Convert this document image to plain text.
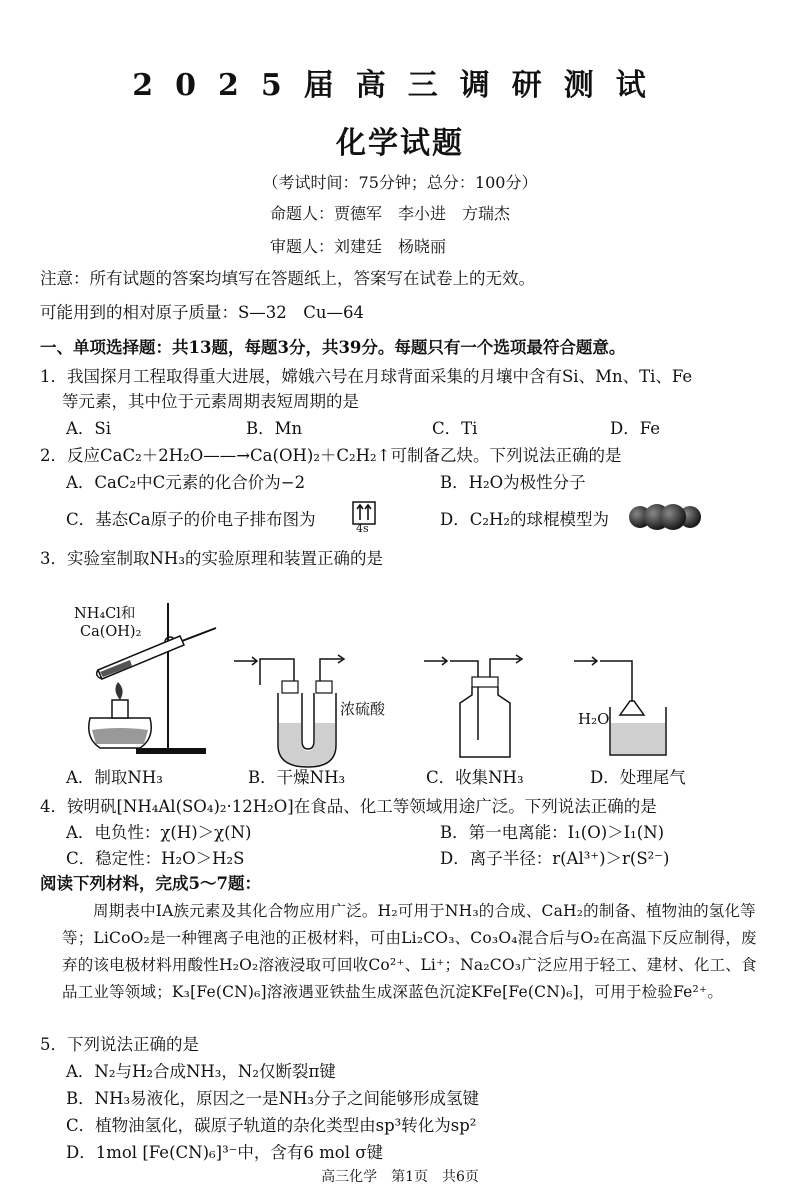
2025届高三调研测试
化学试题
（考试时间：75分钟；总分：100分）
命题人：贾德军　李小进　方瑞杰
审题人：刘建廷　杨晓丽
注意：所有试题的答案均填写在答题纸上，答案写在试卷上的无效。
可能用到的相对原子质量：S—32　Cu—64
一、单项选择题：共13题，每题3分，共39分。每题只有一个选项最符合题意。
1．我国探月工程取得重大进展，嫦娥六号在月球背面采集的月壤中含有Si、Mn、Ti、Fe
等元素，其中位于元素周期表短周期的是
A．Si	B．Mn	C．Ti	D．Fe
2．反应CaC₂＋2H₂O——→Ca(OH)₂＋C₂H₂↑可制备乙炔。下列说法正确的是
A．CaC₂中C元素的化合价为−2	B．H₂O为极性分子
C．基态Ca原子的价电子排布图为	4s	D．C₂H₂的球棍模型为
3．实验室制取NH₃的实验原理和装置正确的是
NH₄Cl和
Ca(OH)₂
浓硫酸
H₂O
A．制取NH₃	B．干燥NH₃	C．收集NH₃	D．处理尾气
4．铵明矾[NH₄Al(SO₄)₂·12H₂O]在食品、化工等领域用途广泛。下列说法正确的是
A．电负性：χ(H)＞χ(N)	B．第一电离能：I₁(O)＞I₁(N)
C．稳定性：H₂O＞H₂S	D．离子半径：r(Al³⁺)＞r(S²⁻)
阅读下列材料，完成5～7题：
周期表中ⅠA族元素及其化合物应用广泛。H₂可用于NH₃的合成、CaH₂的制备、植物油的氢化等等；LiCoO₂是一种锂离子电池的正极材料，可由Li₂CO₃、Co₃O₄混合后与O₂在高温下反应制得，废弃的该电极材料用酸性H₂O₂溶液浸取可回收Co²⁺、Li⁺；Na₂CO₃广泛应用于轻工、建材、化工、食品工业等领域；K₃[Fe(CN)₆]溶液遇亚铁盐生成深蓝色沉淀KFe[Fe(CN)₆]，可用于检验Fe²⁺。
5．下列说法正确的是
A．N₂与H₂合成NH₃，N₂仅断裂π键
B．NH₃易液化，原因之一是NH₃分子之间能够形成氢键
C．植物油氢化，碳原子轨道的杂化类型由sp³转化为sp²
D．1mol [Fe(CN)₆]³⁻中，含有6 mol σ键
高三化学　第1页　共6页
